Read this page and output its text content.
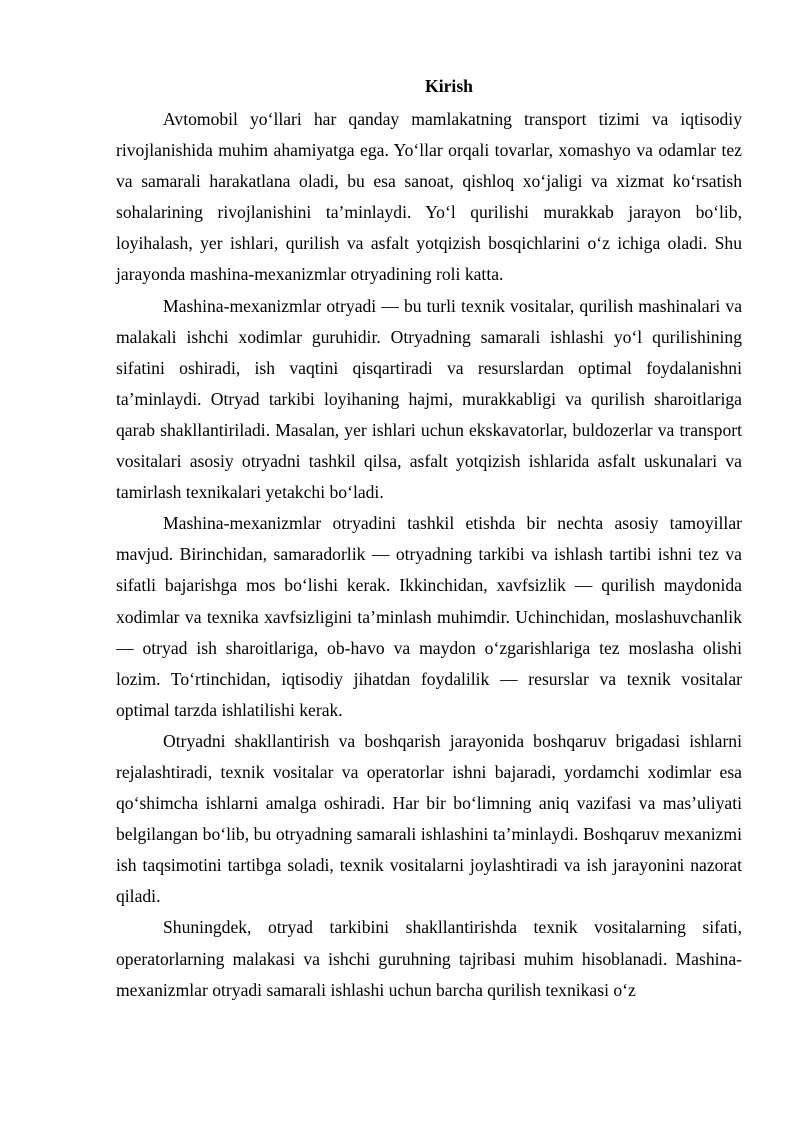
Kirish

Avtomobil yo‘llari har qanday mamlakatning transport tizimi va iqtisodiy rivojlanishida muhim ahamiyatga ega. Yo‘llar orqali tovarlar, xomashyo va odamlar tez va samarali harakatlana oladi, bu esa sanoat, qishloq xo‘jaligi va xizmat ko‘rsatish sohalarining rivojlanishini ta’minlaydi. Yo‘l qurilishi murakkab jarayon bo‘lib, loyihalash, yer ishlari, qurilish va asfalt yotqizish bosqichlarini o‘z ichiga oladi. Shu jarayonda mashina-mexanizmlar otryadining roli katta.

Mashina-mexanizmlar otryadi — bu turli texnik vositalar, qurilish mashinalari va malakali ishchi xodimlar guruhidir. Otryadning samarali ishlashi yo‘l qurilishining sifatini oshiradi, ish vaqtini qisqartiradi va resurslardan optimal foydalanishni ta’minlaydi. Otryad tarkibi loyihaning hajmi, murakkabligi va qurilish sharoitlariga qarab shakllantiriladi. Masalan, yer ishlari uchun ekskavatorlar, buldozerlar va transport vositalari asosiy otryadni tashkil qilsa, asfalt yotqizish ishlarida asfalt uskunalari va tamirlash texnikalari yetakchi bo‘ladi.

Mashina-mexanizmlar otryadini tashkil etishda bir nechta asosiy tamoyillar mavjud. Birinchidan, samaradorlik — otryadning tarkibi va ishlash tartibi ishni tez va sifatli bajarishga mos bo‘lishi kerak. Ikkinchidan, xavfsizlik — qurilish maydonida xodimlar va texnika xavfsizligini ta’minlash muhimdir. Uchinchidan, moslashuvchanlik — otryad ish sharoitlariga, ob-havo va maydon o‘zgarishlariga tez moslasha olishi lozim. To‘rtinchidan, iqtisodiy jihatdan foydalilik — resurslar va texnik vositalar optimal tarzda ishlatilishi kerak.

Otryadni shakllantirish va boshqarish jarayonida boshqaruv brigadasi ishlarni rejalashtiradi, texnik vositalar va operatorlar ishni bajaradi, yordamchi xodimlar esa qo‘shimcha ishlarni amalga oshiradi. Har bir bo‘limning aniq vazifasi va mas’uliyati belgilangan bo‘lib, bu otryadning samarali ishlashini ta’minlaydi. Boshqaruv mexanizmi ish taqsimotini tartibga soladi, texnik vositalarni joylashtiradi va ish jarayonini nazorat qiladi.

Shuningdek, otryad tarkibini shakllantirishda texnik vositalarning sifati, operatorlarning malakasi va ishchi guruhning tajribasi muhim hisoblanadi. Mashina-mexanizmlar otryadi samarali ishlashi uchun barcha qurilish texnikasi o‘z
